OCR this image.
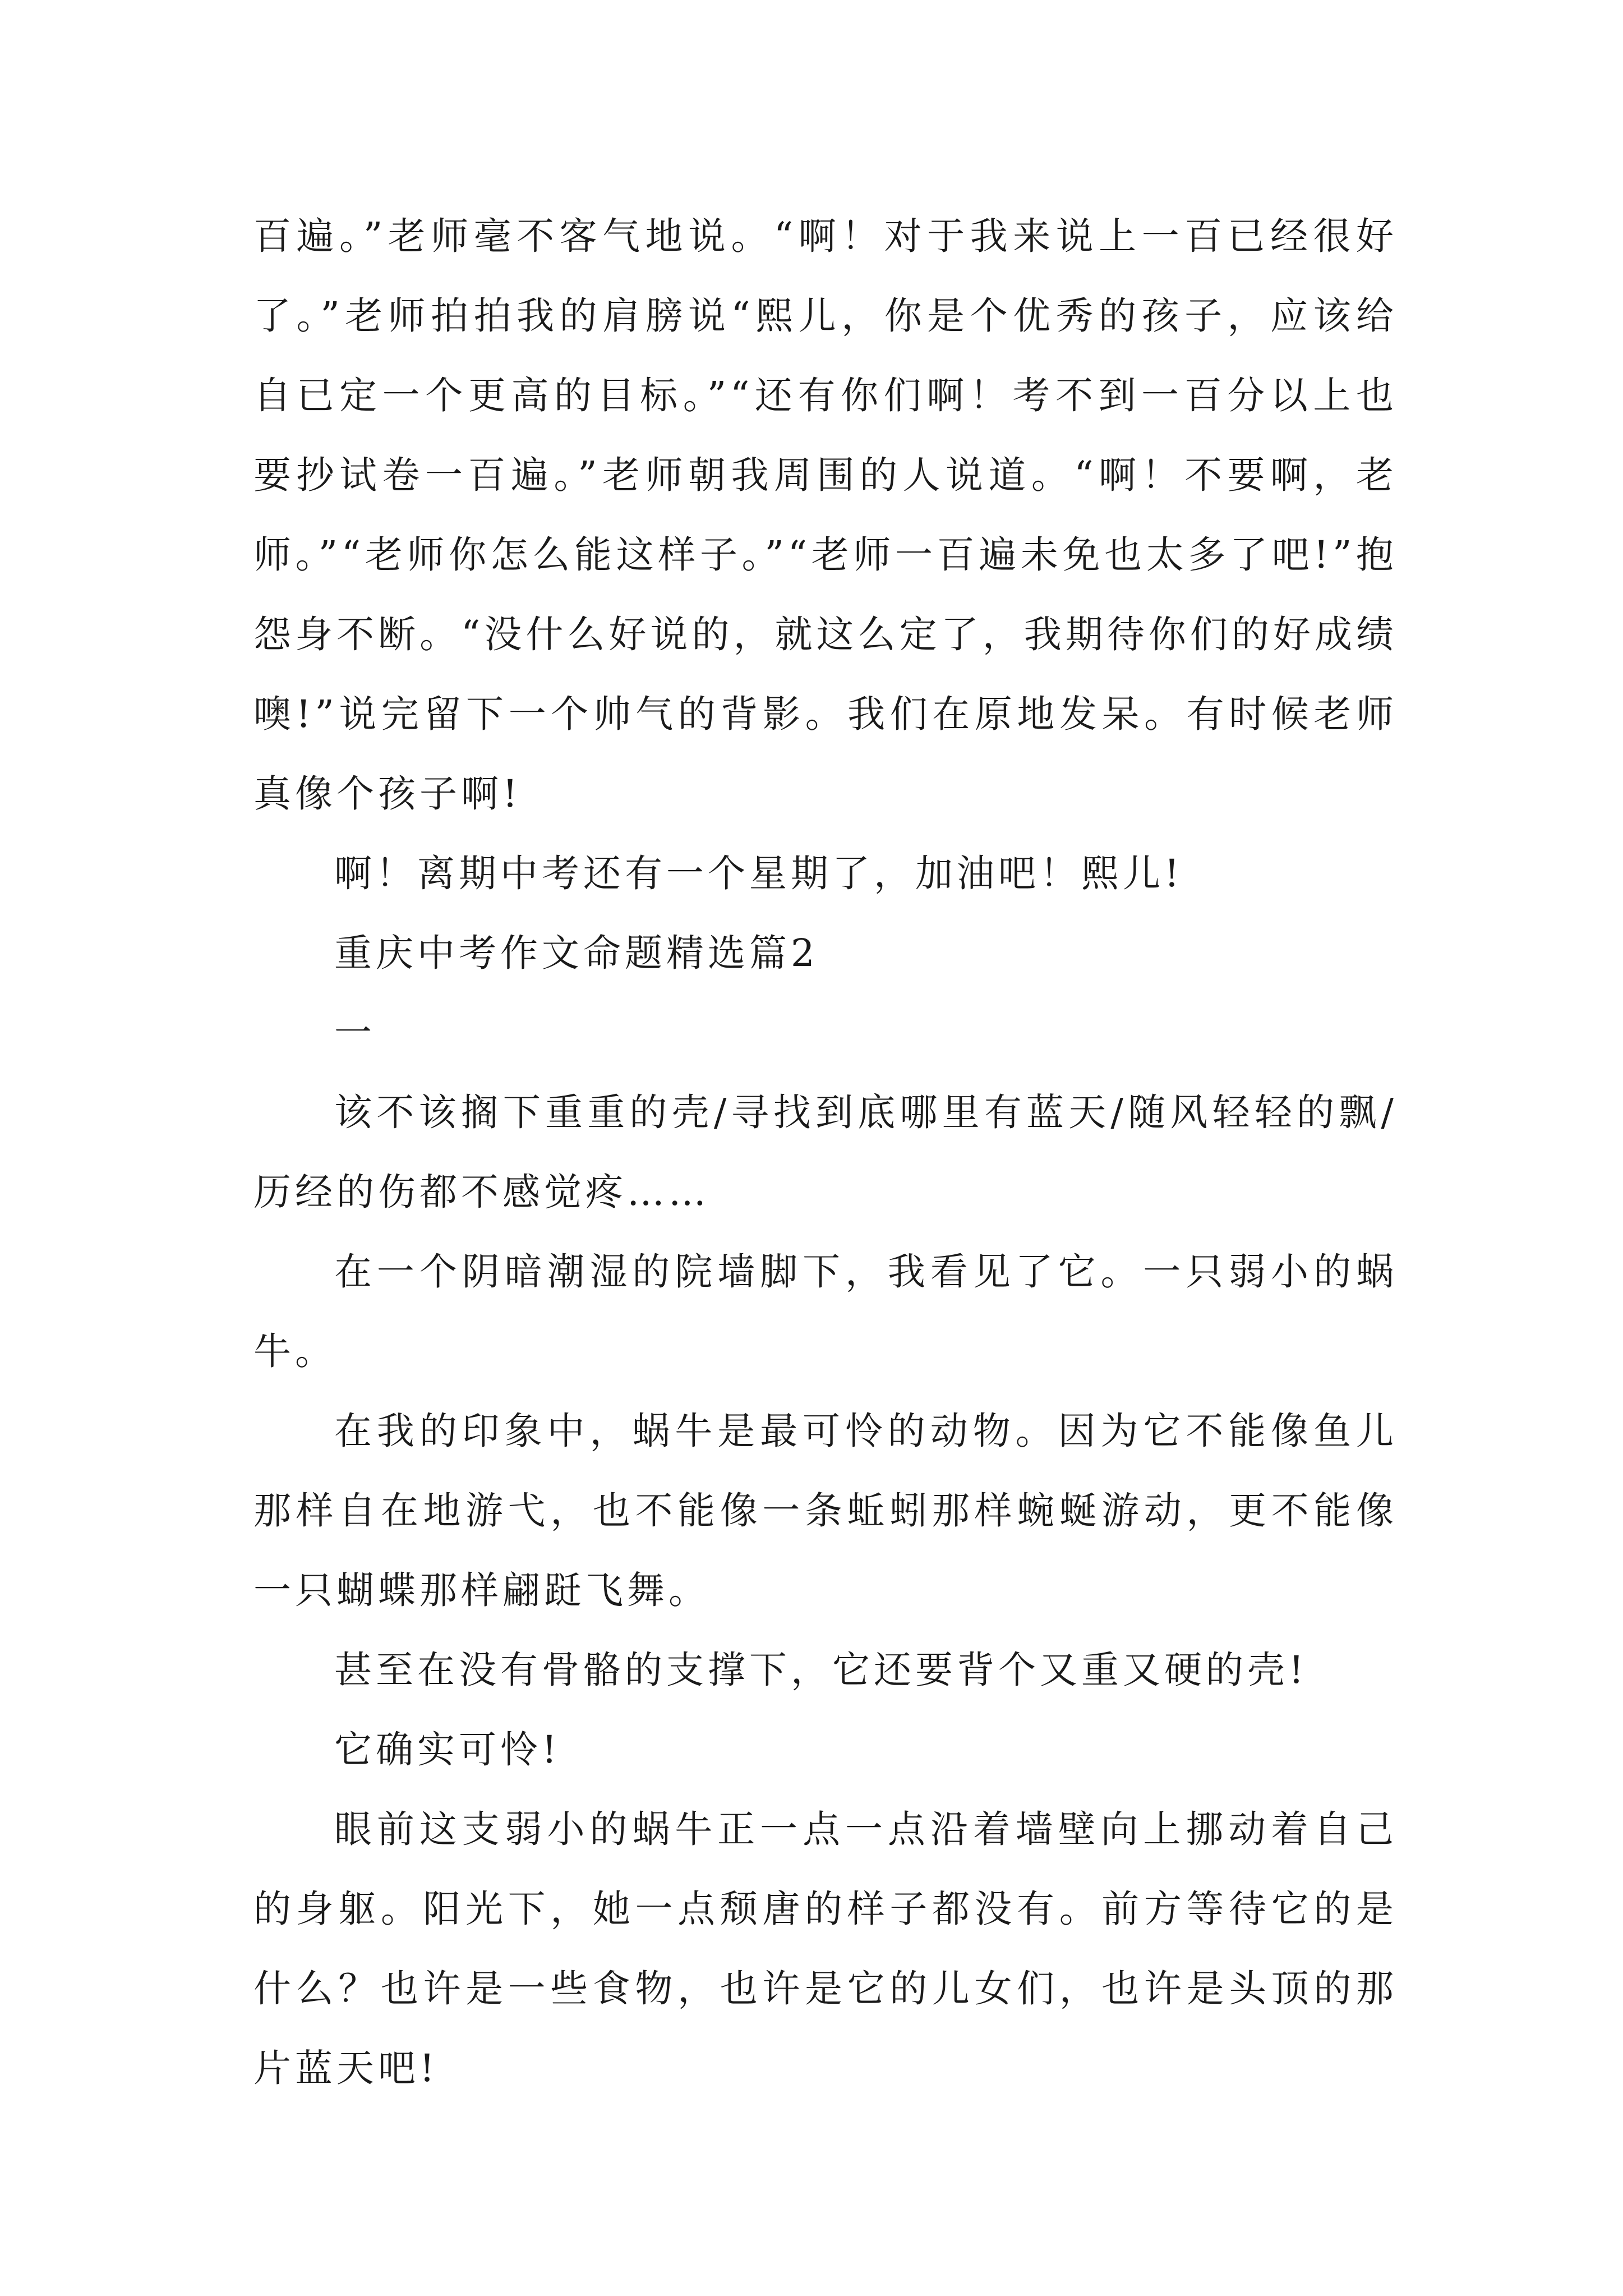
百遍。”老师毫不客气地说。“啊！对于我来说上一百已经很好了。”老师拍拍我的肩膀说“熙儿，你是个优秀的孩子，应该给自已定一个更高的目标。”“还有你们啊！考不到一百分以上也要抄试卷一百遍。”老师朝我周围的人说道。“啊！不要啊，老师。”“老师你怎么能这样子。”“老师一百遍未免也太多了吧!”抱怨身不断。“没什么好说的，就这么定了，我期待你们的好成绩噢!”说完留下一个帅气的背影。我们在原地发呆。有时候老师真像个孩子啊!

啊！离期中考还有一个星期了，加油吧！熙儿!

重庆中考作文命题精选篇2

一

该不该搁下重重的壳/寻找到底哪里有蓝天/随风轻轻的飘/历经的伤都不感觉疼……

在一个阴暗潮湿的院墙脚下，我看见了它。一只弱小的蜗牛。

在我的印象中，蜗牛是最可怜的动物。因为它不能像鱼儿那样自在地游弋，也不能像一条蚯蚓那样蜿蜒游动，更不能像一只蝴蝶那样翩跹飞舞。

甚至在没有骨骼的支撑下，它还要背个又重又硬的壳!

它确实可怜!

眼前这支弱小的蜗牛正一点一点沿着墙壁向上挪动着自己的身躯。阳光下，她一点颓唐的样子都没有。前方等待它的是什么？也许是一些食物，也许是它的儿女们，也许是头顶的那片蓝天吧!
